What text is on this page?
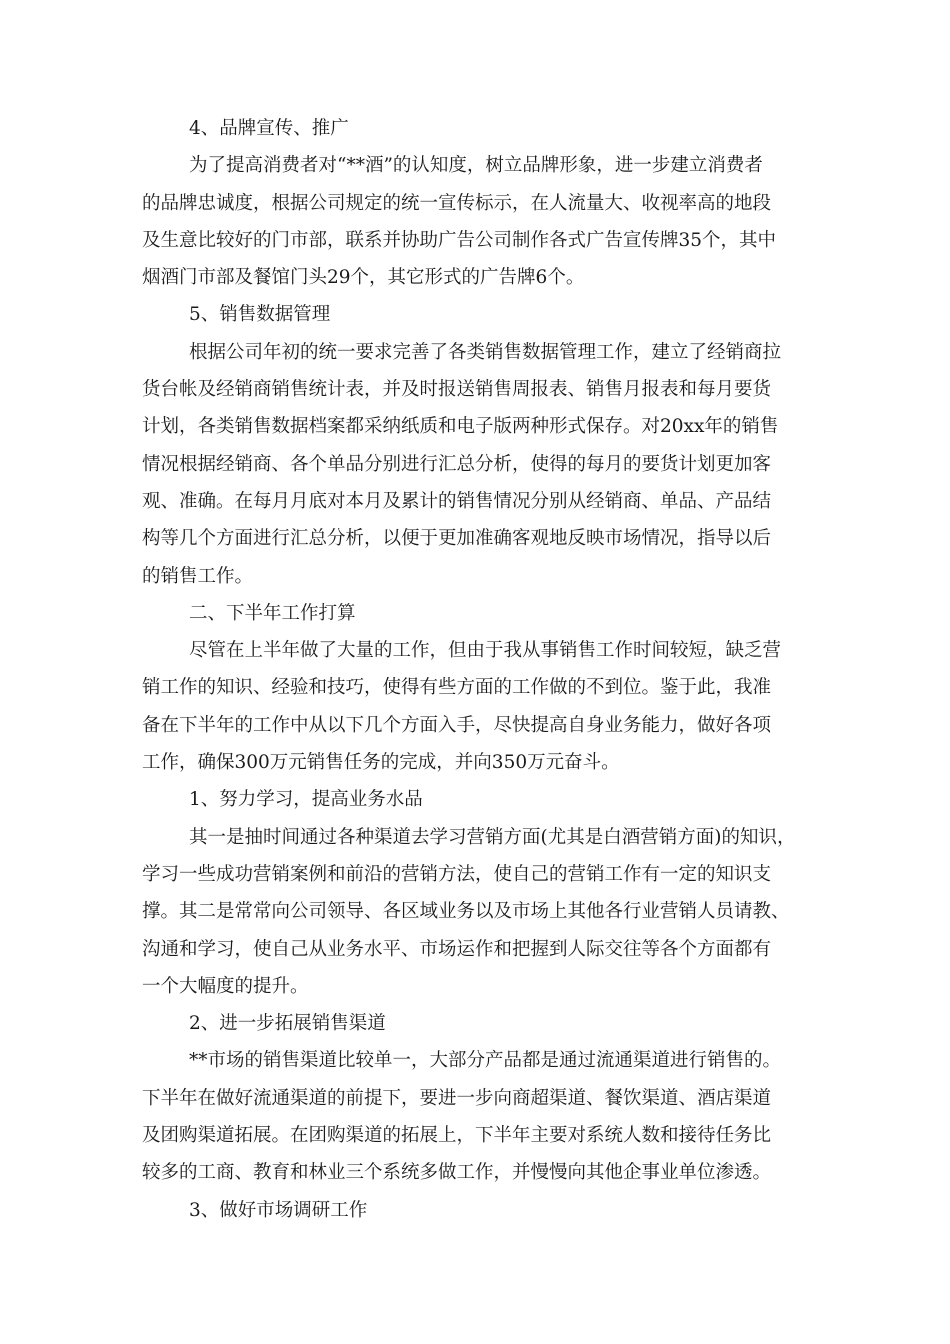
4、品牌宣传、推广
为了提高消费者对“**酒”的认知度，树立品牌形象，进一步建立消费者
的品牌忠诚度，根据公司规定的统一宣传标示，在人流量大、收视率高的地段
及生意比较好的门市部，联系并协助广告公司制作各式广告宣传牌35个，其中
烟酒门市部及餐馆门头29个，其它形式的广告牌6个。
5、销售数据管理
根据公司年初的统一要求完善了各类销售数据管理工作，建立了经销商拉
货台帐及经销商销售统计表，并及时报送销售周报表、销售月报表和每月要货
计划，各类销售数据档案都采纳纸质和电子版两种形式保存。对20xx年的销售
情况根据经销商、各个单品分别进行汇总分析，使得的每月的要货计划更加客
观、准确。在每月月底对本月及累计的销售情况分别从经销商、单品、产品结
构等几个方面进行汇总分析，以便于更加准确客观地反映市场情况，指导以后
的销售工作。
二、下半年工作打算
尽管在上半年做了大量的工作，但由于我从事销售工作时间较短，缺乏营
销工作的知识、经验和技巧，使得有些方面的工作做的不到位。鉴于此，我准
备在下半年的工作中从以下几个方面入手，尽快提高自身业务能力，做好各项
工作，确保300万元销售任务的完成，并向350万元奋斗。
1、努力学习，提高业务水品
其一是抽时间通过各种渠道去学习营销方面(尤其是白酒营销方面)的知识，
学习一些成功营销案例和前沿的营销方法，使自己的营销工作有一定的知识支
撑。其二是常常向公司领导、各区域业务以及市场上其他各行业营销人员请教、
沟通和学习，使自己从业务水平、市场运作和把握到人际交往等各个方面都有
一个大幅度的提升。
2、进一步拓展销售渠道
**市场的销售渠道比较单一，大部分产品都是通过流通渠道进行销售的。
下半年在做好流通渠道的前提下，要进一步向商超渠道、餐饮渠道、酒店渠道
及团购渠道拓展。在团购渠道的拓展上，下半年主要对系统人数和接待任务比
较多的工商、教育和林业三个系统多做工作，并慢慢向其他企事业单位渗透。
3、做好市场调研工作
